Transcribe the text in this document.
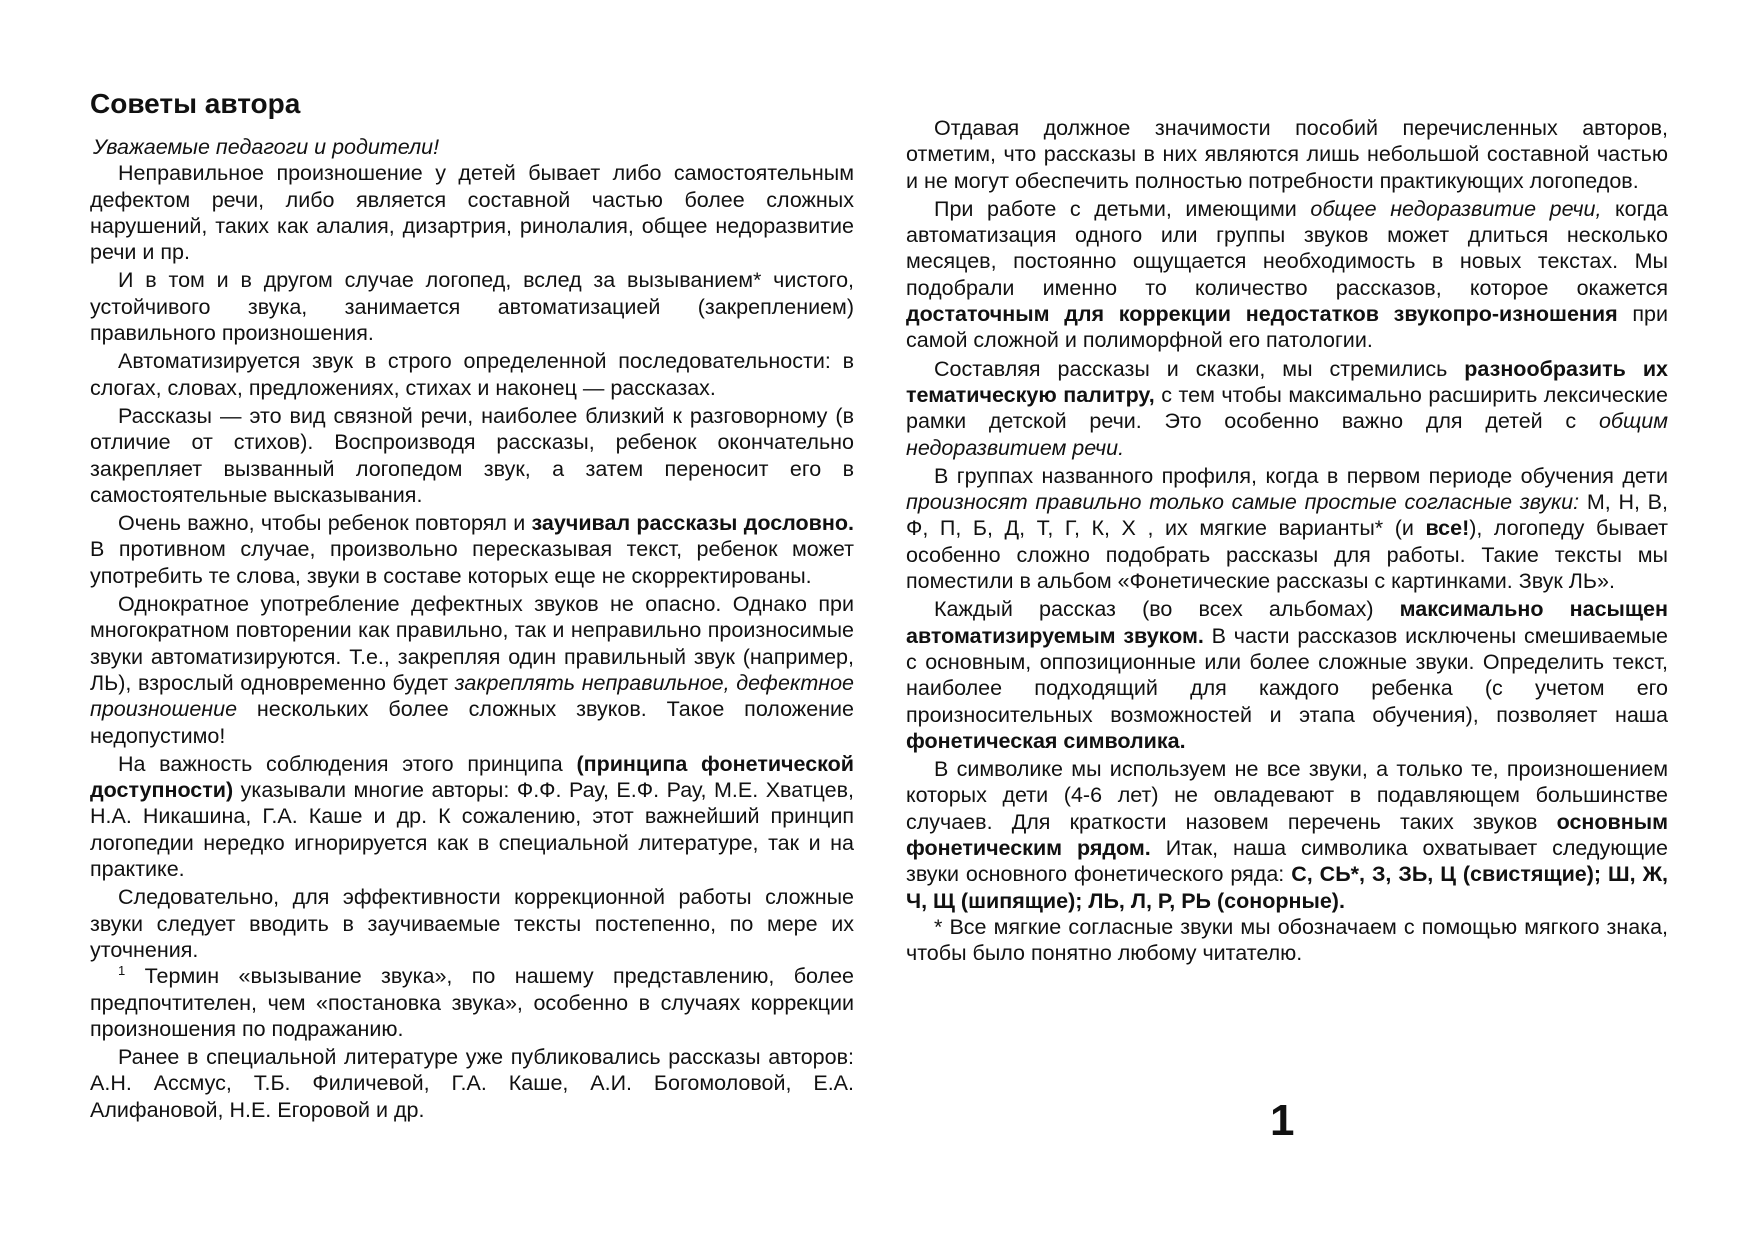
Советы автора

Уважаемые педагоги и родители!

Неправильное произношение у детей бывает либо самостоятельным дефектом речи, либо является составной частью более сложных нарушений, таких как алалия, дизартрия, ринолалия, общее недоразвитие речи и пр.

И в том и в другом случае логопед, вслед за вызыванием* чистого, устойчивого звука, занимается автоматизацией (закреплением) правильного произношения.

Автоматизируется звук в строго определенной последовательности: в слогах, словах, предложениях, стихах и наконец — рассказах.

Рассказы — это вид связной речи, наиболее близкий к разговорному (в отличие от стихов). Воспроизводя рассказы, ребенок окончательно закрепляет вызванный логопедом звук, а затем переносит его в самостоятельные высказывания.

Очень важно, чтобы ребенок повторял и заучивал рассказы дословно. В противном случае, произвольно пересказывая текст, ребенок может употребить те слова, звуки в составе которых еще не скорректированы.

Однократное употребление дефектных звуков не опасно. Однако при многократном повторении как правильно, так и неправильно произносимые звуки автоматизируются. Т.е., закрепляя один правильный звук (например, ЛЬ), взрослый одновременно будет закреплять неправильное, дефектное произношение нескольких более сложных звуков. Такое положение недопустимо!

На важность соблюдения этого принципа (принципа фонетической доступности) указывали многие авторы: Ф.Ф. Рау, Е.Ф. Рау, М.Е. Хватцев, Н.А. Никашина, Г.А. Каше и др. К сожалению, этот важнейший принцип логопедии нередко игнорируется как в специальной литературе, так и на практике.

Следовательно, для эффективности коррекционной работы сложные звуки следует вводить в заучиваемые тексты постепенно, по мере их уточнения.

$^1$ Термин «вызывание звука», по нашему представлению, более предпочтителен, чем «постановка звука», особенно в случаях коррекции произношения по подражанию.

Ранее в специальной литературе уже публиковались рассказы авторов: А.Н. Ассмус, Т.Б. Филичевой, Г.А. Каше, А.И. Богомоловой, Е.А. Алифановой, Н.Е. Егоровой и др.

Отдавая должное значимости пособий перечисленных авторов, отметим, что рассказы в них являются лишь небольшой составной частью и не могут обеспечить полностью потребности практикующих логопедов.

При работе с детьми, имеющими общее недоразвитие речи, когда автоматизация одного или группы звуков может длиться несколько месяцев, постоянно ощущается необходимость в новых текстах. Мы подобрали именно то количество рассказов, которое окажется достаточным для коррекции недостатков звукопро-изношения при самой сложной и полиморфной его патологии.

Составляя рассказы и сказки, мы стремились разнообразить их тематическую палитру, с тем чтобы максимально расширить лексические рамки детской речи. Это особенно важно для детей с общим недоразвитием речи.

В группах названного профиля, когда в первом периоде обучения дети произносят правильно только самые простые согласные звуки: М, Н, В, Ф, П, Б, Д, Т, Г, К, Х , их мягкие варианты* (и все!), логопеду бывает особенно сложно подобрать рассказы для работы. Такие тексты мы поместили в альбом «Фонетические рассказы с картинками. Звук ЛЬ».

Каждый рассказ (во всех альбомах) максимально насыщен автоматизируемым звуком. В части рассказов исключены смешиваемые с основным, оппозиционные или более сложные звуки. Определить текст, наиболее подходящий для каждого ребенка (с учетом его произносительных возможностей и этапа обучения), позволяет наша фонетическая символика.

В символике мы используем не все звуки, а только те, произношением которых дети (4-6 лет) не овладевают в подавляющем большинстве случаев. Для краткости назовем перечень таких звуков основным фонетическим рядом. Итак, наша символика охватывает следующие звуки основного фонетического ряда: С, СЬ*, З, ЗЬ, Ц (свистящие); Ш, Ж, Ч, Щ (шипящие); ЛЬ, Л, Р, РЬ (сонорные).

* Все мягкие согласные звуки мы обозначаем с помощью мягкого знака, чтобы было понятно любому читателю.

1
